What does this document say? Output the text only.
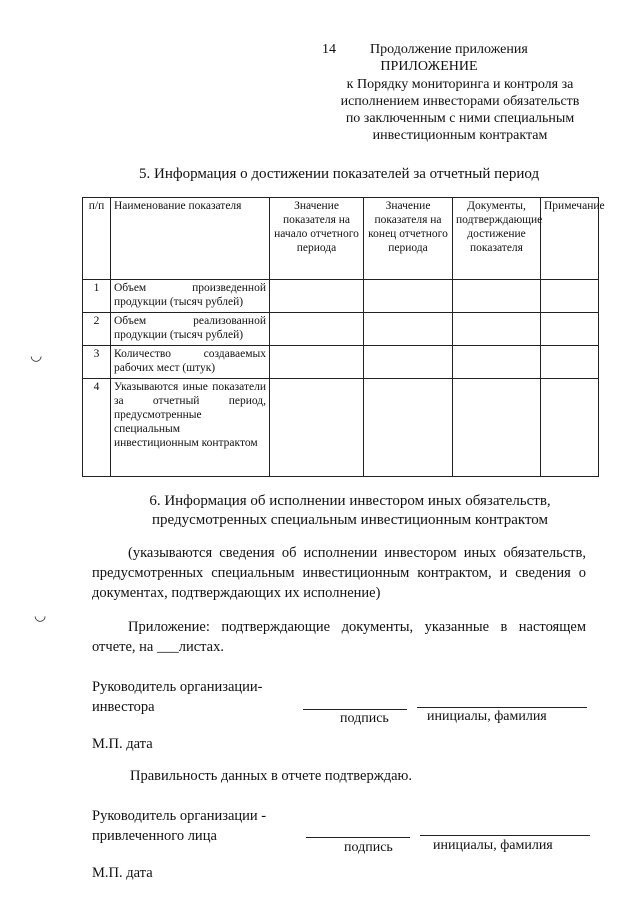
14 Продолжение приложения
ПРИЛОЖЕНИЕ
к Порядку мониторинга и контроля за
исполнением инвесторами обязательств
по заключенным с ними специальным
инвестиционным контрактам
5. Информация о достижении показателей за отчетный период
п/п	Наименование показателя	Значение показателя на начало отчетного периода	Значение показателя на конец отчетного периода	Документы, подтверждающие достижение показателя	Примечание
1	Объем произведенной продукции (тысяч рублей)				
2	Объем реализованной продукции (тысяч рублей)				
3	Количество создаваемых рабочих мест (штук)				
4	Указываются иные показатели за отчетный период, предусмотренные специальным инвестиционным контрактом				
6. Информация об исполнении инвестором иных обязательств,
предусмотренных специальным инвестиционным контрактом
(указываются сведения об исполнении инвестором иных обязательств, предусмотренных специальным инвестиционным контрактом, и сведения о документах, подтверждающих их исполнение)
Приложение: подтверждающие документы, указанные в настоящем отчете, на ___листах.
Руководитель организации-
инвестора
подпись	инициалы, фамилия
М.П. дата
Правильность данных в отчете подтверждаю.
Руководитель организации -
привлеченного лица
подпись	инициалы, фамилия
М.П. дата
◡
◡
